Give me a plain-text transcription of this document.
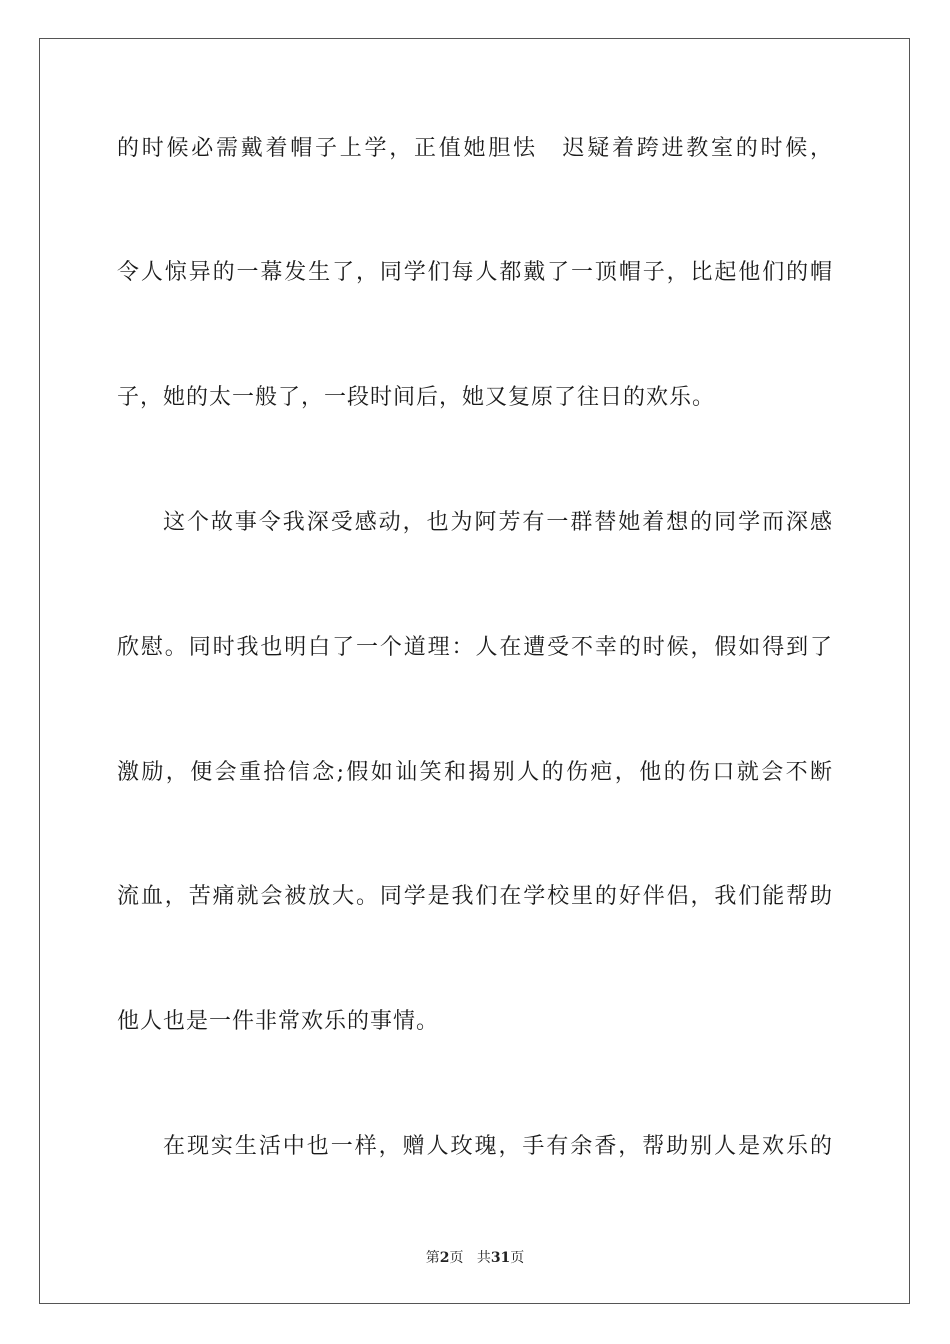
的时候必需戴着帽子上学，正值她胆怯　迟疑着跨进教室的时候，
令人惊异的一幕发生了，同学们每人都戴了一顶帽子，比起他们的帽
子，她的太一般了，一段时间后，她又复原了往日的欢乐。
这个故事令我深受感动，也为阿芳有一群替她着想的同学而深感
欣慰。同时我也明白了一个道理：人在遭受不幸的时候，假如得到了
激励，便会重拾信念;假如讪笑和揭别人的伤疤，他的伤口就会不断
流血，苦痛就会被放大。同学是我们在学校里的好伴侣，我们能帮助
他人也是一件非常欢乐的事情。
在现实生活中也一样，赠人玫瑰，手有余香，帮助别人是欢乐的
第2页 共31页
